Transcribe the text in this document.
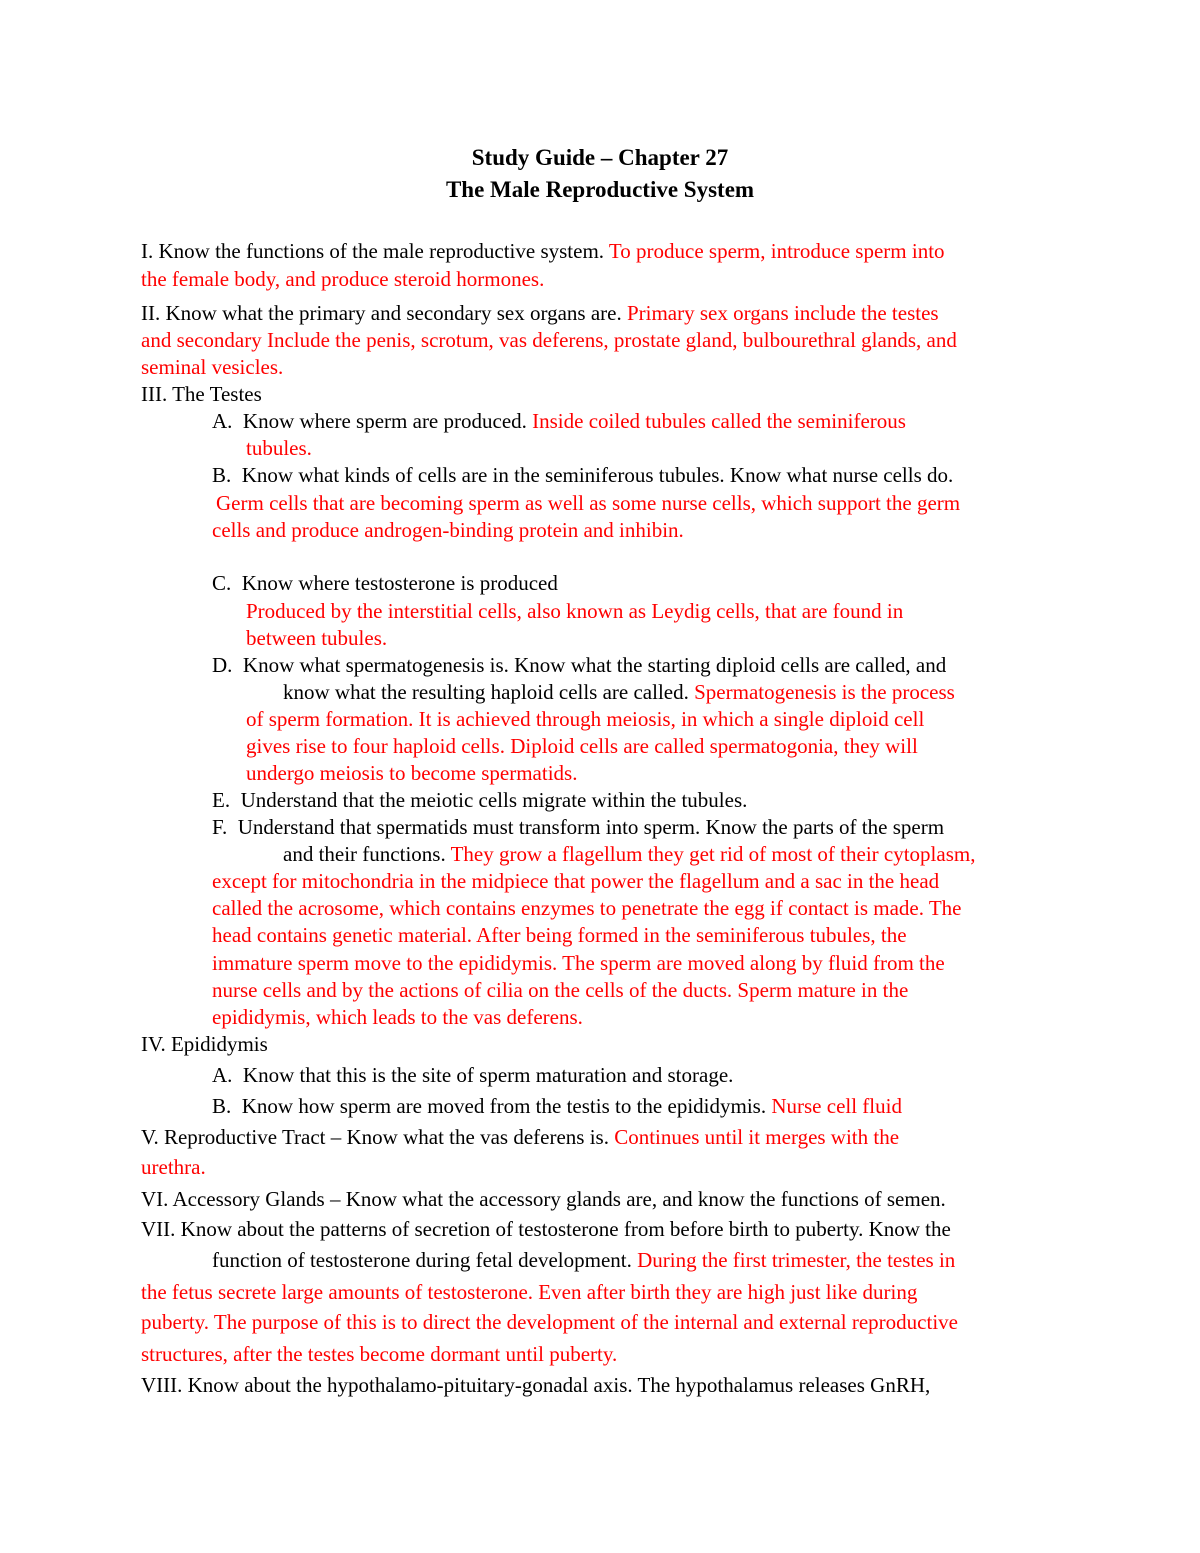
Study Guide – Chapter 27
The Male Reproductive System
I. Know the functions of the male reproductive system. To produce sperm, introduce sperm into
the female body, and produce steroid hormones.
II. Know what the primary and secondary sex organs are. Primary sex organs include the testes
and secondary Include the penis, scrotum, vas deferens, prostate gland, bulbourethral glands, and
seminal vesicles.
III. The Testes
A.  Know where sperm are produced. Inside coiled tubules called the seminiferous
tubules.
B.  Know what kinds of cells are in the seminiferous tubules. Know what nurse cells do.
Germ cells that are becoming sperm as well as some nurse cells, which support the germ
cells and produce androgen-binding protein and inhibin.
C.  Know where testosterone is produced
Produced by the interstitial cells, also known as Leydig cells, that are found in
between tubules.
D.  Know what spermatogenesis is. Know what the starting diploid cells are called, and
know what the resulting haploid cells are called. Spermatogenesis is the process
of sperm formation. It is achieved through meiosis, in which a single diploid cell
gives rise to four haploid cells. Diploid cells are called spermatogonia, they will
undergo meiosis to become spermatids.
E.  Understand that the meiotic cells migrate within the tubules.
F.  Understand that spermatids must transform into sperm. Know the parts of the sperm
and their functions. They grow a flagellum they get rid of most of their cytoplasm,
except for mitochondria in the midpiece that power the flagellum and a sac in the head
called the acrosome, which contains enzymes to penetrate the egg if contact is made. The
head contains genetic material. After being formed in the seminiferous tubules, the
immature sperm move to the epididymis. The sperm are moved along by fluid from the
nurse cells and by the actions of cilia on the cells of the ducts. Sperm mature in the
epididymis, which leads to the vas deferens.
IV. Epididymis
A.  Know that this is the site of sperm maturation and storage.
B.  Know how sperm are moved from the testis to the epididymis. Nurse cell fluid
V. Reproductive Tract – Know what the vas deferens is. Continues until it merges with the
urethra.
VI. Accessory Glands – Know what the accessory glands are, and know the functions of semen.
VII. Know about the patterns of secretion of testosterone from before birth to puberty. Know the
function of testosterone during fetal development. During the first trimester, the testes in
the fetus secrete large amounts of testosterone. Even after birth they are high just like during
puberty. The purpose of this is to direct the development of the internal and external reproductive
structures, after the testes become dormant until puberty.
VIII. Know about the hypothalamo-pituitary-gonadal axis. The hypothalamus releases GnRH,
